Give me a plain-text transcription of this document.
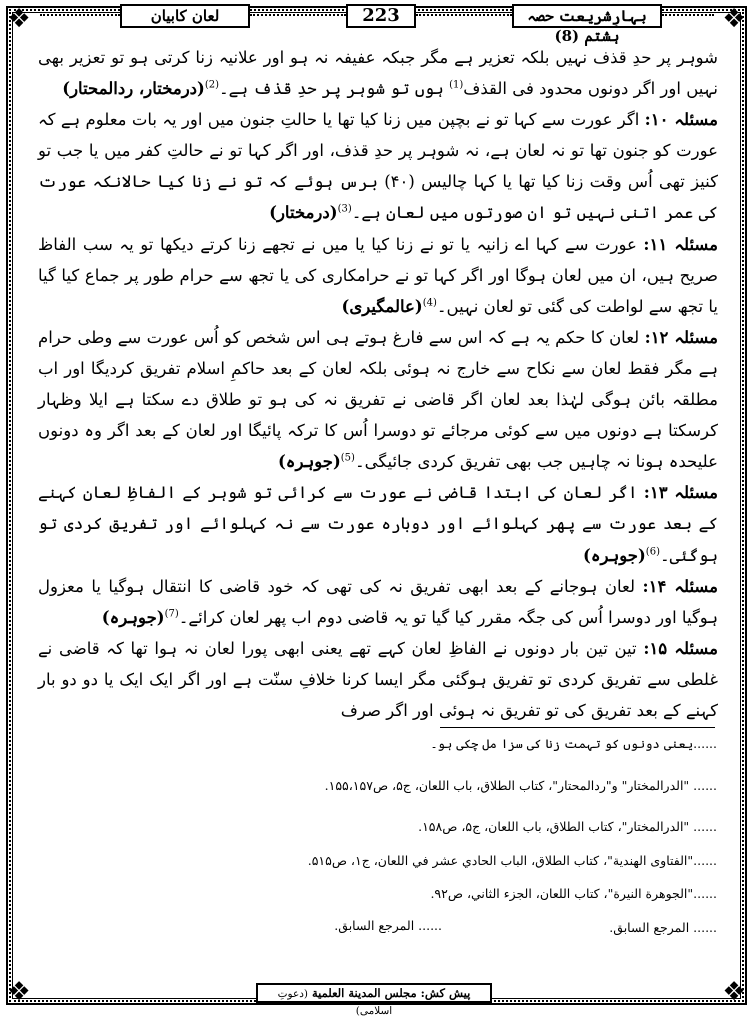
❖	❖
❖	❖
لعان کابیان	223	بہارِشریعت حصہ ہشتم (8)

شوہر پر حدِ قذف نہیں بلکہ تعزیر ہے مگر جبکہ عفیفہ نہ ہو اور علانیہ زنا کرتی ہو تو تعزیر بھی نہیں اور اگر دونوں محدود فی القذف$^{(1)}$ ہوں تو شوہر پر حدِ قذف ہے۔$^{(2)}$(درمختار، ردالمحتار)

مسئلہ ۱۰: اگر عورت سے کہا تو نے بچپن میں زنا کیا تھا یا حالتِ جنون میں اور یہ بات معلوم ہے کہ عورت کو جنون تھا تو نہ لعان ہے، نہ شوہر پر حدِ قذف، اور اگر کہا تو نے حالتِ کفر میں یا جب تو کنیز تھی اُس وقت زنا کیا تھا یا کہا چالیس (۴۰) برس ہوئے کہ تو نے زنا کیا حالانکہ عورت کی عمر اتنی نہیں تو ان صورتوں میں لعان ہے۔$^{(3)}$(درمختار)

مسئلہ ۱۱: عورت سے کہا اے زانیہ یا تو نے زنا کیا یا میں نے تجھے زنا کرتے دیکھا تو یہ سب الفاظ صریح ہیں، ان میں لعان ہوگا اور اگر کہا تو نے حرامکاری کی یا تجھ سے حرام طور پر جماع کیا گیا یا تجھ سے لواطت کی گئی تو لعان نہیں۔$^{(4)}$(عالمگیری)

مسئلہ ۱۲: لعان کا حکم یہ ہے کہ اس سے فارغ ہوتے ہی اس شخص کو اُس عورت سے وطی حرام ہے مگر فقط لعان سے نکاح سے خارج نہ ہوئی بلکہ لعان کے بعد حاکمِ اسلام تفریق کردیگا اور اب مطلقہ بائن ہوگی لہٰذا بعد لعان اگر قاضی نے تفریق نہ کی ہو تو طلاق دے سکتا ہے ایلا وظہار کرسکتا ہے دونوں میں سے کوئی مرجائے تو دوسرا اُس کا ترکہ پائیگا اور لعان کے بعد اگر وہ دونوں علیحدہ ہونا نہ چاہیں جب بھی تفریق کردی جائیگی۔$^{(5)}$(جوہرہ)

مسئلہ ۱۳: اگر لعان کی ابتدا قاضی نے عورت سے کرائی تو شوہر کے الفاظِ لعان کہنے کے بعد عورت سے پھر کہلوائے اور دوبارہ عورت سے نہ کہلوائے اور تفریق کردی تو ہوگئی۔$^{(6)}$(جوہرہ)

مسئلہ ۱۴: لعان ہوجانے کے بعد ابھی تفریق نہ کی تھی کہ خود قاضی کا انتقال ہوگیا یا معزول ہوگیا اور دوسرا اُس کی جگہ مقرر کیا گیا تو یہ قاضی دوم اب پھر لعان کرائے۔$^{(7)}$(جوہرہ)

مسئلہ ۱۵: تین تین بار دونوں نے الفاظِ لعان کہے تھے یعنی ابھی پورا لعان نہ ہوا تھا کہ قاضی نے غلطی سے تفریق کردی تو تفریق ہوگئی مگر ایسا کرنا خلافِ سنّت ہے اور اگر ایک ایک یا دو دو بار کہنے کے بعد تفریق کی تو تفریق نہ ہوئی اور اگر صرف

......یعنی دونوں کو تہمت زنا کی سزا مل چکی ہو۔
...... "الدرالمختار" و"ردالمحتار"، كتاب الطلاق، باب اللعان، ج۵، ص۱۵۵،۱۵۷.
...... "الدرالمختار"، كتاب الطلاق، باب اللعان، ج۵، ص۱۵۸.
......"الفتاوى الهندية"، كتاب الطلاق، الباب الحادي عشر في اللعان، ج۱، ص۵۱۵.
......"الجوهرة النيرة"، كتاب اللعان، الجزء الثاني، ص۹۲.
...... المرجع السابق.
...... المرجع السابق.
پیش کش: مجلس المدينة العلمية (دعوتِ اسلامی)
